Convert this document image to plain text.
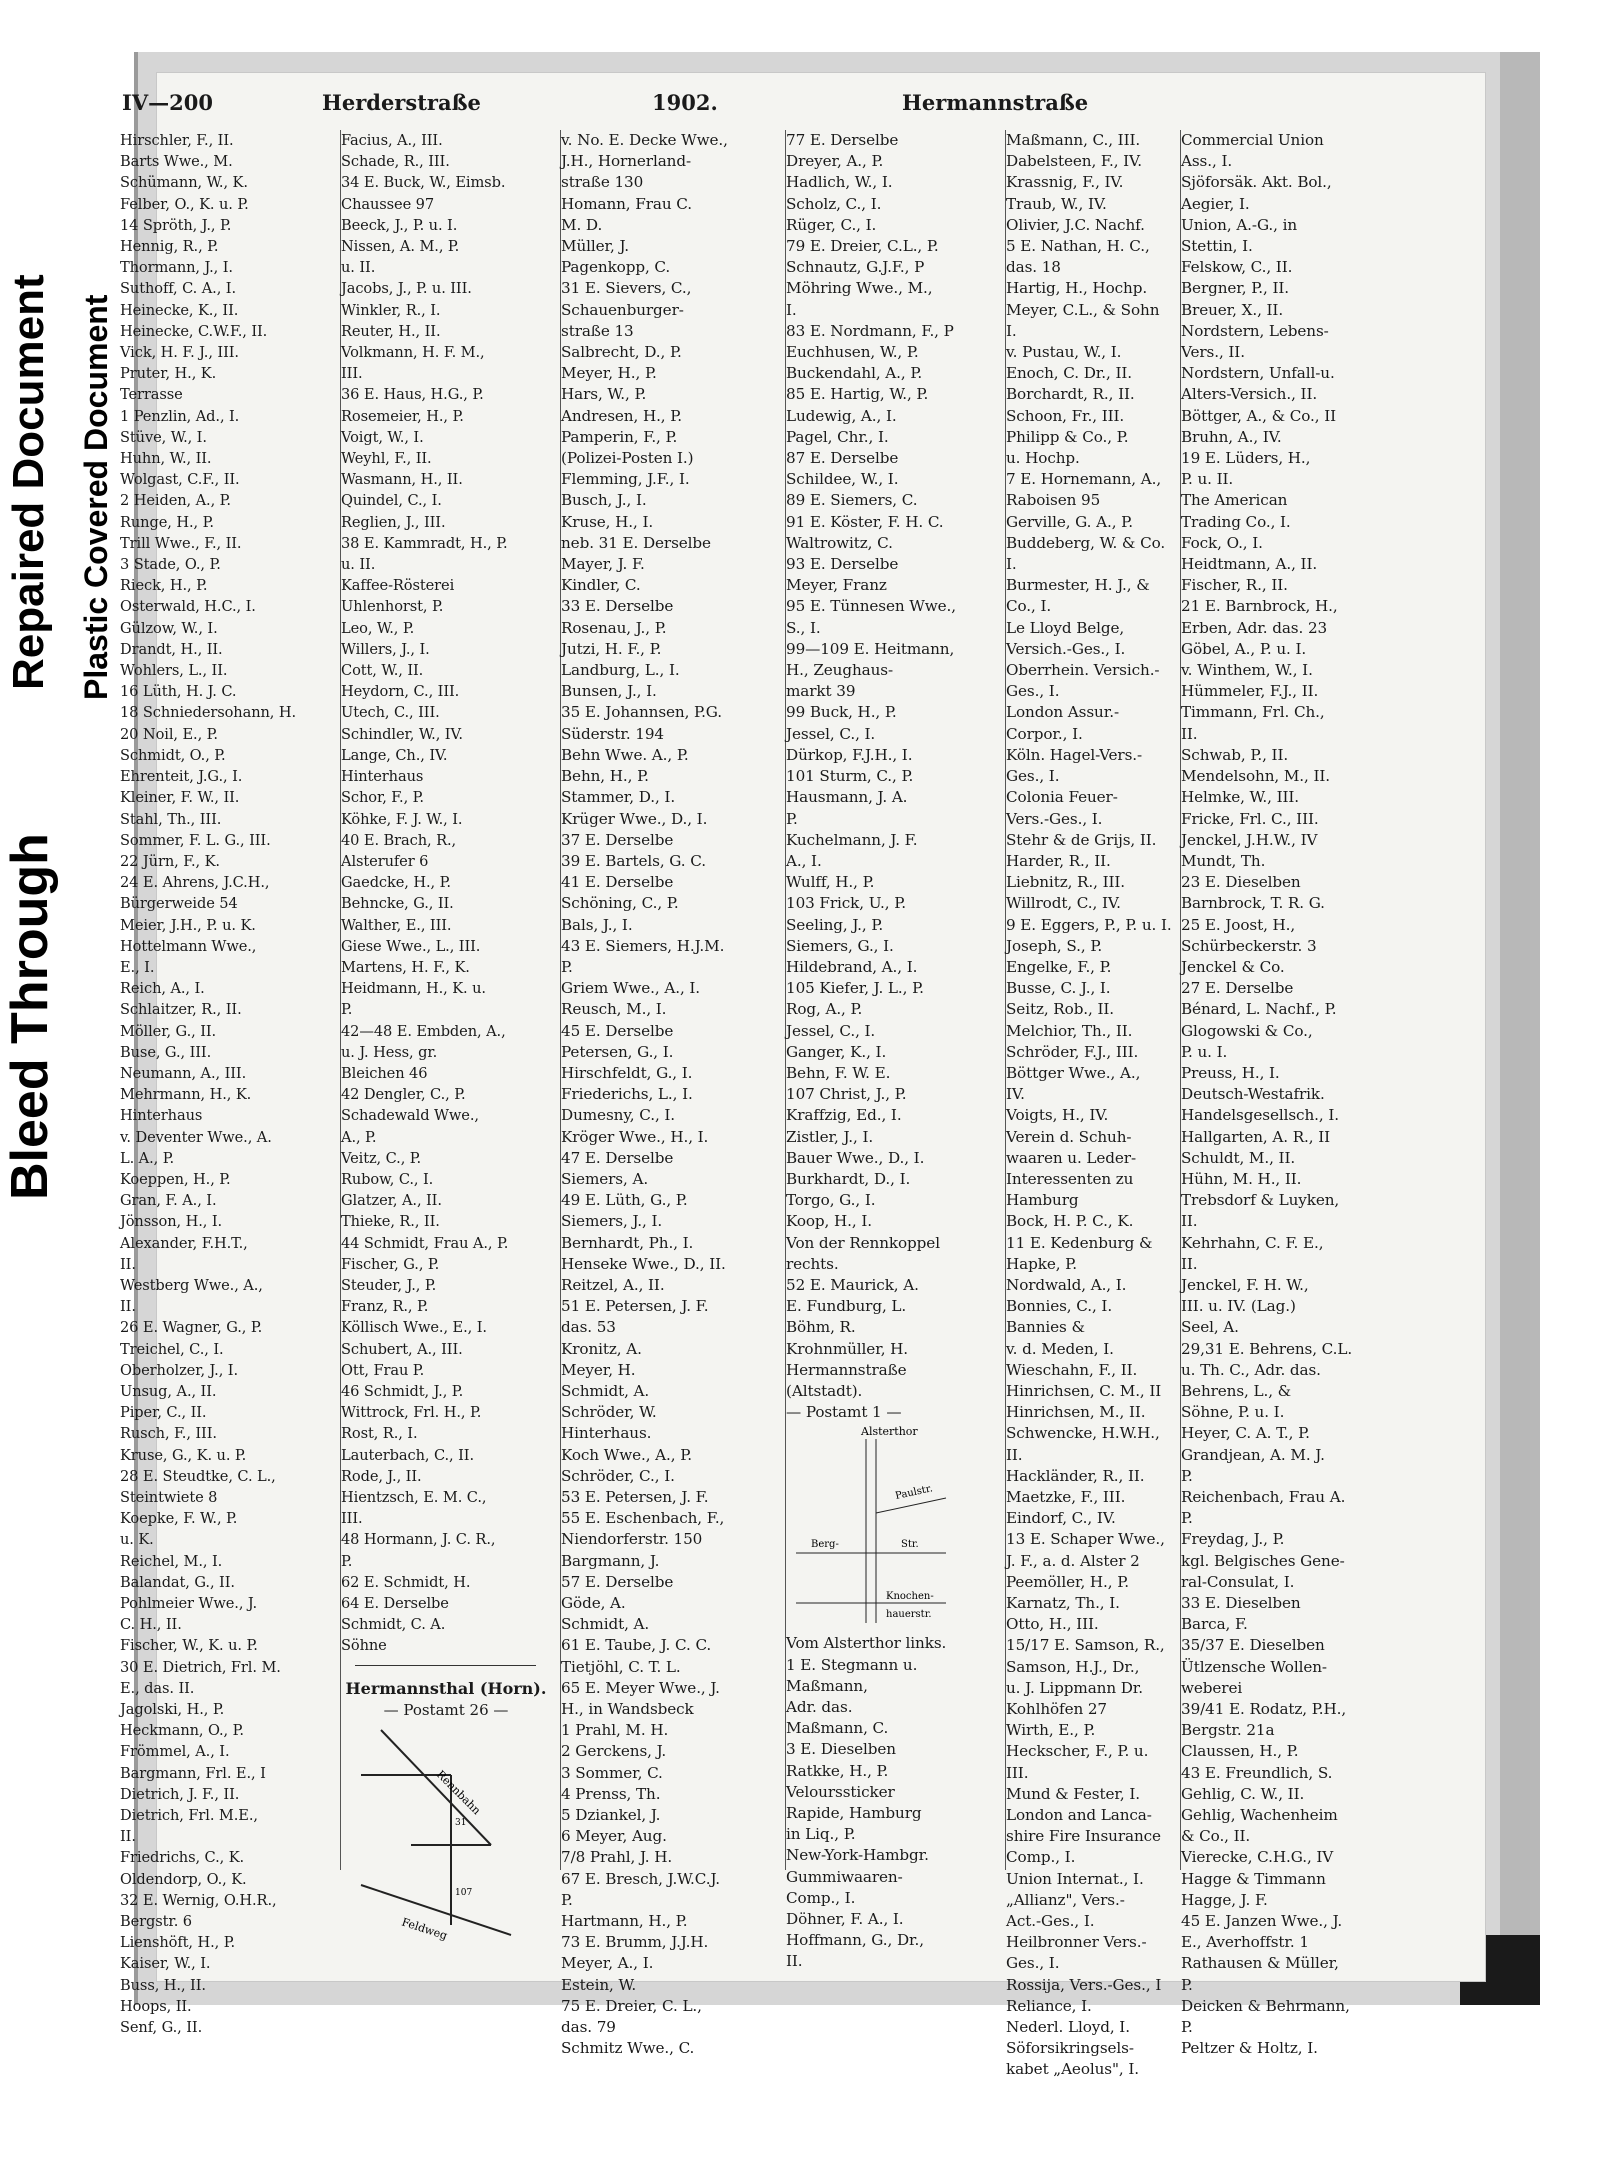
Bleed Through
Repaired Document Plastic Covered Document
IV—200	Herderstraße	1902.	Hermannstraße
Hirschler, F., II.
Barts Wwe., M.
Schümann, W., K.
Felber, O., K. u. P.
14 Spröth, J., P.
Hennig, R., P.
Thormann, J., I.
Suthoff, C. A., I.
Heinecke, K., II.
Heinecke, C.W.F., II.
Vick, H. F. J., III.
Pruter, H., K.
Terrasse
1 Penzlin, Ad., I.
Stüve, W., I.
Huhn, W., II.
Wolgast, C.F., II.
2 Heiden, A., P.
Runge, H., P.
Trill Wwe., F., II.
3 Stade, O., P.
Rieck, H., P.
Osterwald, H.C., I.
Gülzow, W., I.
Drandt, H., II.
Wohlers, L., II.
16 Lüth, H. J. C.
18 Schniedersohann, H.
20 Noil, E., P.
Schmidt, O., P.
Ehrenteit, J.G., I.
Kleiner, F. W., II.
Stahl, Th., III.
Sommer, F. L. G., III.
22 Jürn, F., K.
24 E. Ahrens, J.C.H.,
Bürgerweide 54
Meier, J.H., P. u. K.
Hottelmann Wwe.,
E., I.
Reich, A., I.
Schlaitzer, R., II.
Möller, G., II.
Buse, G., III.
Neumann, A., III.
Mehrmann, H., K.
Hinterhaus
v. Deventer Wwe., A.
L. A., P.
Koeppen, H., P.
Gran, F. A., I.
Jönsson, H., I.
Alexander, F.H.T.,
II.
Westberg Wwe., A.,
II.
26 E. Wagner, G., P.
Treichel, C., I.
Oberholzer, J., I.
Unsug, A., II.
Piper, C., II.
Rusch, F., III.
Kruse, G., K. u. P.
28 E. Steudtke, C. L.,
Steintwiete 8
Koepke, F. W., P.
u. K.
Reichel, M., I.
Balandat, G., II.
Pohlmeier Wwe., J.
C. H., II.
Fischer, W., K. u. P.
30 E. Dietrich, Frl. M.
E., das. II.
Jagolski, H., P.
Heckmann, O., P.
Frömmel, A., I.
Bargmann, Frl. E., I
Dietrich, J. F., II.
Dietrich, Frl. M.E.,
II.
Friedrichs, C., K.
Oldendorp, O., K.
32 E. Wernig, O.H.R.,
Bergstr. 6
Lienshöft, H., P.
Kaiser, W., I.
Buss, H., II.
Hoops, II.
Senf, G., II.
Facius, A., III.
Schade, R., III.
34 E. Buck, W., Eimsb.
Chaussee 97
Beeck, J., P. u. I.
Nissen, A. M., P.
u. II.
Jacobs, J., P. u. III.
Winkler, R., I.
Reuter, H., II.
Volkmann, H. F. M.,
III.
36 E. Haus, H.G., P.
Rosemeier, H., P.
Voigt, W., I.
Weyhl, F., II.
Wasmann, H., II.
Quindel, C., I.
Reglien, J., III.
38 E. Kammradt, H., P.
u. II.
Kaffee-Rösterei
Uhlenhorst, P.
Leo, W., P.
Willers, J., I.
Cott, W., II.
Heydorn, C., III.
Utech, C., III.
Schindler, W., IV.
Lange, Ch., IV.
Hinterhaus
Schor, F., P.
Köhke, F. J. W., I.
40 E. Brach, R.,
Alsterufer 6
Gaedcke, H., P.
Behncke, G., II.
Walther, E., III.
Giese Wwe., L., III.
Martens, H. F., K.
Heidmann, H., K. u.
P.
42—48 E. Embden, A.,
u. J. Hess, gr.
Bleichen 46
42 Dengler, C., P.
Schadewald Wwe.,
A., P.
Veitz, C., P.
Rubow, C., I.
Glatzer, A., II.
Thieke, R., II.
44 Schmidt, Frau A., P.
Fischer, G., P.
Steuder, J., P.
Franz, R., P.
Köllisch Wwe., E., I.
Schubert, A., III.
Ott, Frau P.
46 Schmidt, J., P.
Wittrock, Frl. H., P.
Rost, R., I.
Lauterbach, C., II.
Rode, J., II.
Hientzsch, E. M. C.,
III.
48 Hormann, J. C. R.,
P.
62 E. Schmidt, H.
64 E. Derselbe
Schmidt, C. A.
Söhne
Hermannsthal (Horn).
— Postamt 26 —
Rennbahn
Feldweg
31
107
v. No. E. Decke Wwe.,
J.H., Hornerland-
straße 130
Homann, Frau C.
M. D.
Müller, J.
Pagenkopp, C.
31 E. Sievers, C.,
Schauenburger-
straße 13
Salbrecht, D., P.
Meyer, H., P.
Hars, W., P.
Andresen, H., P.
Pamperin, F., P.
(Polizei-Posten I.)
Flemming, J.F., I.
Busch, J., I.
Kruse, H., I.
neb. 31 E. Derselbe
Mayer, J. F.
Kindler, C.
33 E. Derselbe
Rosenau, J., P.
Jutzi, H. F., P.
Landburg, L., I.
Bunsen, J., I.
35 E. Johannsen, P.G.
Süderstr. 194
Behn Wwe. A., P.
Behn, H., P.
Stammer, D., I.
Krüger Wwe., D., I.
37 E. Derselbe
39 E. Bartels, G. C.
41 E. Derselbe
Schöning, C., P.
Bals, J., I.
43 E. Siemers, H.J.M.
P.
Griem Wwe., A., I.
Reusch, M., I.
45 E. Derselbe
Petersen, G., I.
Hirschfeldt, G., I.
Friederichs, L., I.
Dumesny, C., I.
Kröger Wwe., H., I.
47 E. Derselbe
Siemers, A.
49 E. Lüth, G., P.
Siemers, J., I.
Bernhardt, Ph., I.
Henseke Wwe., D., II.
Reitzel, A., II.
51 E. Petersen, J. F.
das. 53
Kronitz, A.
Meyer, H.
Schmidt, A.
Schröder, W.
Hinterhaus.
Koch Wwe., A., P.
Schröder, C., I.
53 E. Petersen, J. F.
55 E. Eschenbach, F.,
Niendorferstr. 150
Bargmann, J.
57 E. Derselbe
Göde, A.
Schmidt, A.
61 E. Taube, J. C. C.
Tietjöhl, C. T. L.
65 E. Meyer Wwe., J.
H., in Wandsbeck
1 Prahl, M. H.
2 Gerckens, J.
3 Sommer, C.
4 Prenss, Th.
5 Dziankel, J.
6 Meyer, Aug.
7/8 Prahl, J. H.
67 E. Bresch, J.W.C.J.
P.
Hartmann, H., P.
73 E. Brumm, J.J.H.
Meyer, A., I.
Estein, W.
75 E. Dreier, C. L.,
das. 79
Schmitz Wwe., C.
77 E. Derselbe
Dreyer, A., P.
Hadlich, W., I.
Scholz, C., I.
Rüger, C., I.
79 E. Dreier, C.L., P.
Schnautz, G.J.F., P
Möhring Wwe., M.,
I.
83 E. Nordmann, F., P
Euchhusen, W., P.
Buckendahl, A., P.
85 E. Hartig, W., P.
Ludewig, A., I.
Pagel, Chr., I.
87 E. Derselbe
Schildee, W., I.
89 E. Siemers, C.
91 E. Köster, F. H. C.
Waltrowitz, C.
93 E. Derselbe
Meyer, Franz
95 E. Tünnesen Wwe.,
S., I.
99—109 E. Heitmann,
H., Zeughaus-
markt 39
99 Buck, H., P.
Jessel, C., I.
Dürkop, F.J.H., I.
101 Sturm, C., P.
Hausmann, J. A.
P.
Kuchelmann, J. F.
A., I.
Wulff, H., P.
103 Frick, U., P.
Seeling, J., P.
Siemers, G., I.
Hildebrand, A., I.
105 Kiefer, J. L., P.
Rog, A., P.
Jessel, C., I.
Ganger, K., I.
Behn, F. W. E.
107 Christ, J., P.
Kraffzig, Ed., I.
Zistler, J., I.
Bauer Wwe., D., I.
Burkhardt, D., I.
Torgo, G., I.
Koop, H., I.
Von der Rennkoppel
rechts.
52 E. Maurick, A.
E. Fundburg, L.
Böhm, R.
Krohnmüller, H.
Hermannstraße
(Altstadt).
— Postamt 1 —
Alsterthor
Paulstr.
Berg-	Str.
Knochen-
hauerstr.
Vom Alsterthor links.
1 E. Stegmann u.
Maßmann,
Adr. das.
Maßmann, C.
3 E. Dieselben
Ratkke, H., P.
Velourssticker
Rapide, Hamburg
in Liq., P.
New-York-Hambgr.
Gummiwaaren-
Comp., I.
Döhner, F. A., I.
Hoffmann, G., Dr.,
II.
Maßmann, C., III.
Dabelsteen, F., IV.
Krassnig, F., IV.
Traub, W., IV.
Olivier, J.C. Nachf.
5 E. Nathan, H. C.,
das. 18
Hartig, H., Hochp.
Meyer, C.L., & Sohn
I.
v. Pustau, W., I.
Enoch, C. Dr., II.
Borchardt, R., II.
Schoon, Fr., III.
Philipp & Co., P.
u. Hochp.
7 E. Hornemann, A.,
Raboisen 95
Gerville, G. A., P.
Buddeberg, W. & Co.
I.
Burmester, H. J., &
Co., I.
Le Lloyd Belge,
Versich.-Ges., I.
Oberrhein. Versich.-
Ges., I.
London Assur.-
Corpor., I.
Köln. Hagel-Vers.-
Ges., I.
Colonia Feuer-
Vers.-Ges., I.
Stehr & de Grijs, II.
Harder, R., II.
Liebnitz, R., III.
Willrodt, C., IV.
9 E. Eggers, P., P. u. I.
Joseph, S., P.
Engelke, F., P.
Busse, C. J., I.
Seitz, Rob., II.
Melchior, Th., II.
Schröder, F.J., III.
Böttger Wwe., A.,
IV.
Voigts, H., IV.
Verein d. Schuh-
waaren u. Leder-
Interessenten zu
Hamburg
Bock, H. P. C., K.
11 E. Kedenburg &
Hapke, P.
Nordwald, A., I.
Bonnies, C., I.
Bannies &
v. d. Meden, I.
Wieschahn, F., II.
Hinrichsen, C. M., II
Hinrichsen, M., II.
Schwencke, H.W.H.,
II.
Hackländer, R., II.
Maetzke, F., III.
Eindorf, C., IV.
13 E. Schaper Wwe.,
J. F., a. d. Alster 2
Peemöller, H., P.
Karnatz, Th., I.
Otto, H., III.
15/17 E. Samson, R.,
Samson, H.J., Dr.,
u. J. Lippmann Dr.
Kohlhöfen 27
Wirth, E., P.
Heckscher, F., P. u.
III.
Mund & Fester, I.
London and Lanca-
shire Fire Insurance
Comp., I.
Union Internat., I.
„Allianz", Vers.-
Act.-Ges., I.
Heilbronner Vers.-
Ges., I.
Rossija, Vers.-Ges., I
Reliance, I.
Nederl. Lloyd, I.
Söforsikringsels-
kabet „Aeolus", I.
Commercial Union
Ass., I.
Sjöforsäk. Akt. Bol.,
Aegier, I.
Union, A.-G., in
Stettin, I.
Felskow, C., II.
Bergner, P., II.
Breuer, X., II.
Nordstern, Lebens-
Vers., II.
Nordstern, Unfall-u.
Alters-Versich., II.
Böttger, A., & Co., II
Bruhn, A., IV.
19 E. Lüders, H.,
P. u. II.
The American
Trading Co., I.
Fock, O., I.
Heidtmann, A., II.
Fischer, R., II.
21 E. Barnbrock, H.,
Erben, Adr. das. 23
Göbel, A., P. u. I.
v. Winthem, W., I.
Hümmeler, F.J., II.
Timmann, Frl. Ch.,
II.
Schwab, P., II.
Mendelsohn, M., II.
Helmke, W., III.
Fricke, Frl. C., III.
Jenckel, J.H.W., IV
Mundt, Th.
23 E. Dieselben
Barnbrock, T. R. G.
25 E. Joost, H.,
Schürbeckerstr. 3
Jenckel & Co.
27 E. Derselbe
Bénard, L. Nachf., P.
Glogowski & Co.,
P. u. I.
Preuss, H., I.
Deutsch-Westafrik.
Handelsgesellsch., I.
Hallgarten, A. R., II
Schuldt, M., II.
Hühn, M. H., II.
Trebsdorf & Luyken,
II.
Kehrhahn, C. F. E.,
II.
Jenckel, F. H. W.,
III. u. IV. (Lag.)
Seel, A.
29,31 E. Behrens, C.L.
u. Th. C., Adr. das.
Behrens, L., &
Söhne, P. u. I.
Heyer, C. A. T., P.
Grandjean, A. M. J.
P.
Reichenbach, Frau A.
P.
Freydag, J., P.
kgl. Belgisches Gene-
ral-Consulat, I.
33 E. Dieselben
Barca, F.
35/37 E. Dieselben
Ütlzensche Wollen-
weberei
39/41 E. Rodatz, P.H.,
Bergstr. 21a
Claussen, H., P.
43 E. Freundlich, S.
Gehlig, C. W., II.
Gehlig, Wachenheim
& Co., II.
Vierecke, C.H.G., IV
Hagge & Timmann
Hagge, J. F.
45 E. Janzen Wwe., J.
E., Averhoffstr. 1
Rathausen & Müller,
P.
Deicken & Behrmann,
P.
Peltzer & Holtz, I.
